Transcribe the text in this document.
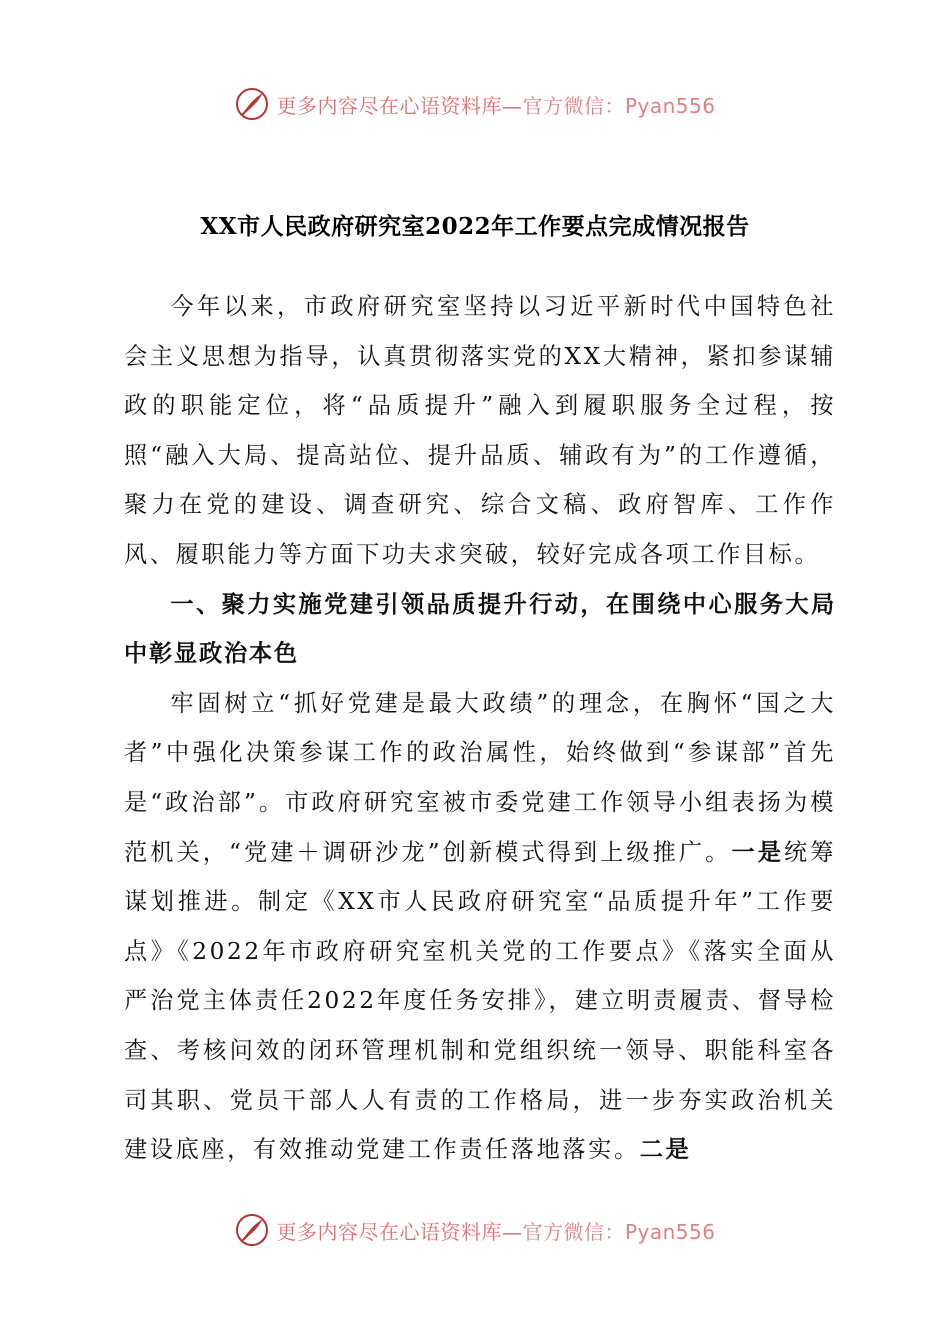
更多内容尽在心语资料库—官方微信：Pyan556
XX市人民政府研究室2022年工作要点完成情况报告

今年以来，市政府研究室坚持以习近平新时代中国特色社会主义思想为指导，认真贯彻落实党的XX大精神，紧扣参谋辅政的职能定位，将“品质提升”融入到履职服务全过程，按照“融入大局、提高站位、提升品质、辅政有为”的工作遵循，聚力在党的建设、调查研究、综合文稿、政府智库、工作作风、履职能力等方面下功夫求突破，较好完成各项工作目标。

一、聚力实施党建引领品质提升行动，在围绕中心服务大局中彰显政治本色

牢固树立“抓好党建是最大政绩”的理念，在胸怀“国之大者”中强化决策参谋工作的政治属性，始终做到“参谋部”首先是“政治部”。市政府研究室被市委党建工作领导小组表扬为模范机关，“党建＋调研沙龙”创新模式得到上级推广。一是统筹谋划推进。制定《XX市人民政府研究室“品质提升年”工作要点》《2022年市政府研究室机关党的工作要点》《落实全面从严治党主体责任2022年度任务安排》，建立明责履责、督导检查、考核问效的闭环管理机制和党组织统一领导、职能科室各司其职、党员干部人人有责的工作格局，进一步夯实政治机关建设底座，有效推动党建工作责任落地落实。二是

更多内容尽在心语资料库—官方微信：Pyan556
